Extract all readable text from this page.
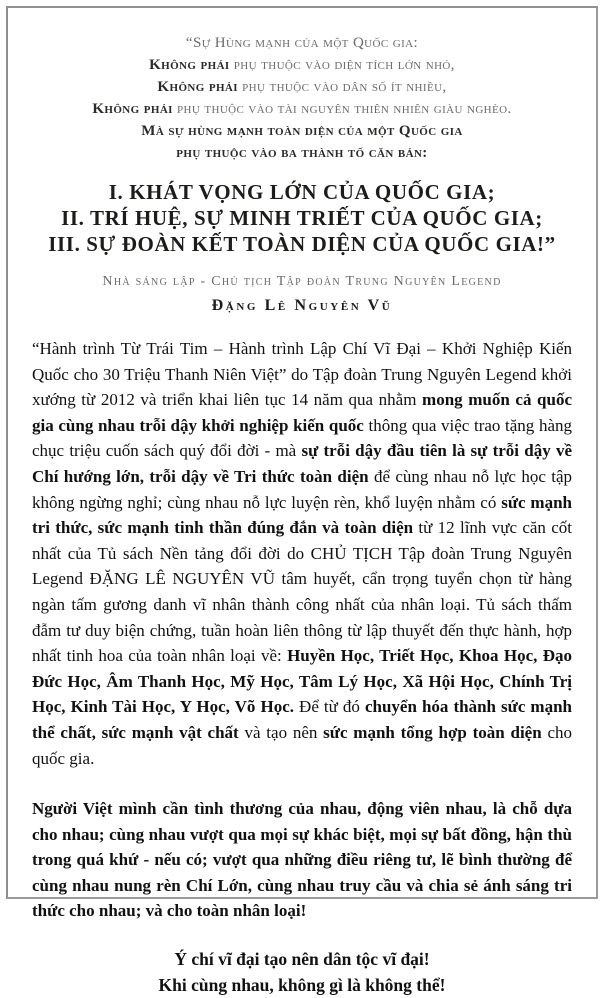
“Sự Hùng mạnh của một Quốc gia:
Không phải phụ thuộc vào diện tích lớn nhỏ,
Không phải phụ thuộc vào dân số ít nhiều,
Không phải phụ thuộc vào tài nguyên thiên nhiên giàu nghèo.
Mà sự hùng mạnh toàn diện của một Quốc gia
phụ thuộc vào ba thành tố căn bản:
I. KHÁT VỌNG LỚN CỦA QUỐC GIA;
II. TRÍ HUỆ, SỰ MINH TRIẾT CỦA QUỐC GIA;
III. SỰ ĐOÀN KẾT TOÀN DIỆN CỦA QUỐC GIA!”
Nhà sáng lập - Chủ tịch Tập đoàn Trung Nguyên Legend
Đặng Lê Nguyên Vũ

“Hành trình Từ Trái Tim – Hành trình Lập Chí Vĩ Đại – Khởi Nghiệp Kiến Quốc cho 30 Triệu Thanh Niên Việt” do Tập đoàn Trung Nguyên Legend khởi xướng từ 2012 và triển khai liên tục 14 năm qua nhằm mong muốn cả quốc gia cùng nhau trỗi dậy khởi nghiệp kiến quốc thông qua việc trao tặng hàng chục triệu cuốn sách quý đổi đời - mà sự trỗi dậy đầu tiên là sự trỗi dậy về Chí hướng lớn, trỗi dậy về Tri thức toàn diện để cùng nhau nỗ lực học tập không ngừng nghỉ; cùng nhau nỗ lực luyện rèn, khổ luyện nhằm có sức mạnh tri thức, sức mạnh tinh thần đúng đắn và toàn diện từ 12 lĩnh vực căn cốt nhất của Tủ sách Nền tảng đổi đời do CHỦ TỊCH Tập đoàn Trung Nguyên Legend ĐẶNG LÊ NGUYÊN VŨ tâm huyết, cẩn trọng tuyển chọn từ hàng ngàn tấm gương danh vĩ nhân thành công nhất của nhân loại. Tủ sách thấm đẫm tư duy biện chứng, tuần hoàn liên thông từ lập thuyết đến thực hành, hợp nhất tinh hoa của toàn nhân loại về: Huyền Học, Triết Học, Khoa Học, Đạo Đức Học, Âm Thanh Học, Mỹ Học, Tâm Lý Học, Xã Hội Học, Chính Trị Học, Kinh Tài Học, Y Học, Võ Học. Để từ đó chuyển hóa thành sức mạnh thể chất, sức mạnh vật chất và tạo nên sức mạnh tổng hợp toàn diện cho quốc gia.

Người Việt mình cần tình thương của nhau, động viên nhau, là chỗ dựa cho nhau; cùng nhau vượt qua mọi sự khác biệt, mọi sự bất đồng, hận thù trong quá khứ - nếu có; vượt qua những điều riêng tư, lẽ bình thường để cùng nhau nung rèn Chí Lớn, cùng nhau truy cầu và chia sẻ ánh sáng tri thức cho nhau; và cho toàn nhân loại!

Ý chí vĩ đại tạo nên dân tộc vĩ đại!
Khi cùng nhau, không gì là không thể!
